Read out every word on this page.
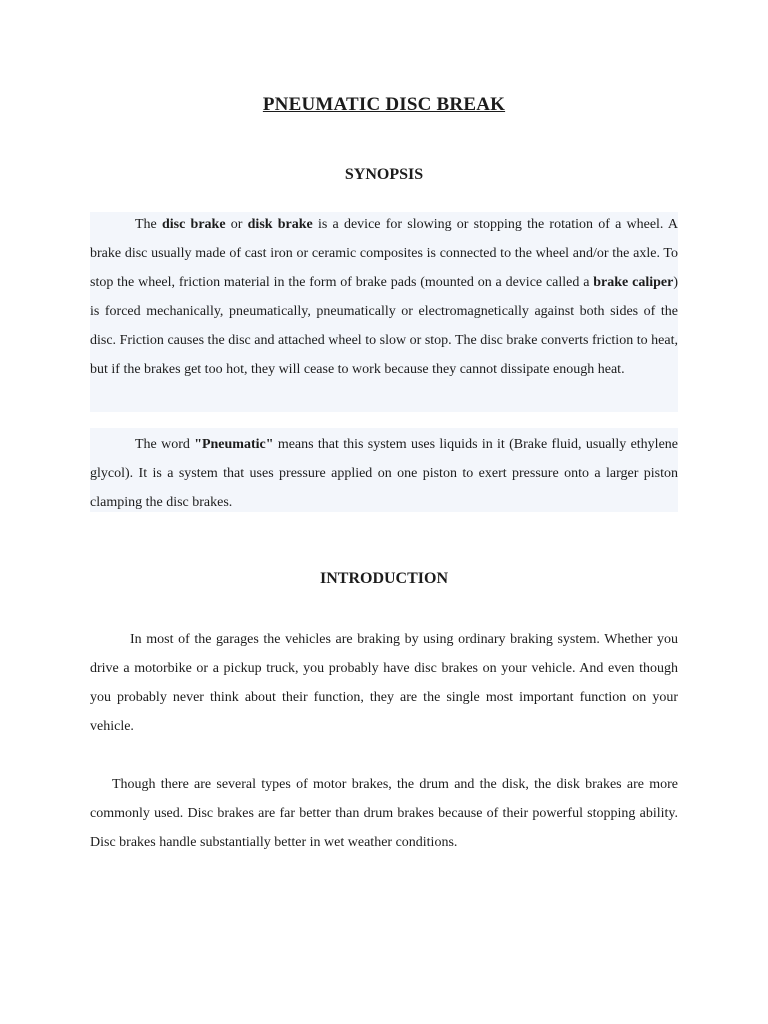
PNEUMATIC DISC BREAK
SYNOPSIS
The disc brake or disk brake is a device for slowing or stopping the rotation of a wheel. A brake disc usually made of cast iron or ceramic composites is connected to the wheel and/or the axle. To stop the wheel, friction material in the form of brake pads (mounted on a device called a brake caliper) is forced mechanically, pneumatically, pneumatically or electromagnetically against both sides of the disc. Friction causes the disc and attached wheel to slow or stop. The disc brake converts friction to heat, but if the brakes get too hot, they will cease to work because they cannot dissipate enough heat.
The word "Pneumatic" means that this system uses liquids in it (Brake fluid, usually ethylene glycol). It is a system that uses pressure applied on one piston to exert pressure onto a larger piston clamping the disc brakes.
INTRODUCTION
In most of the garages the vehicles are braking by using ordinary braking system. Whether you drive a motorbike or a pickup truck, you probably have disc brakes on your vehicle. And even though you probably never think about their function, they are the single most important function on your vehicle.
Though there are several types of motor brakes, the drum and the disk, the disk brakes are more commonly used. Disc brakes are far better than drum brakes because of their powerful stopping ability. Disc brakes handle substantially better in wet weather conditions.
